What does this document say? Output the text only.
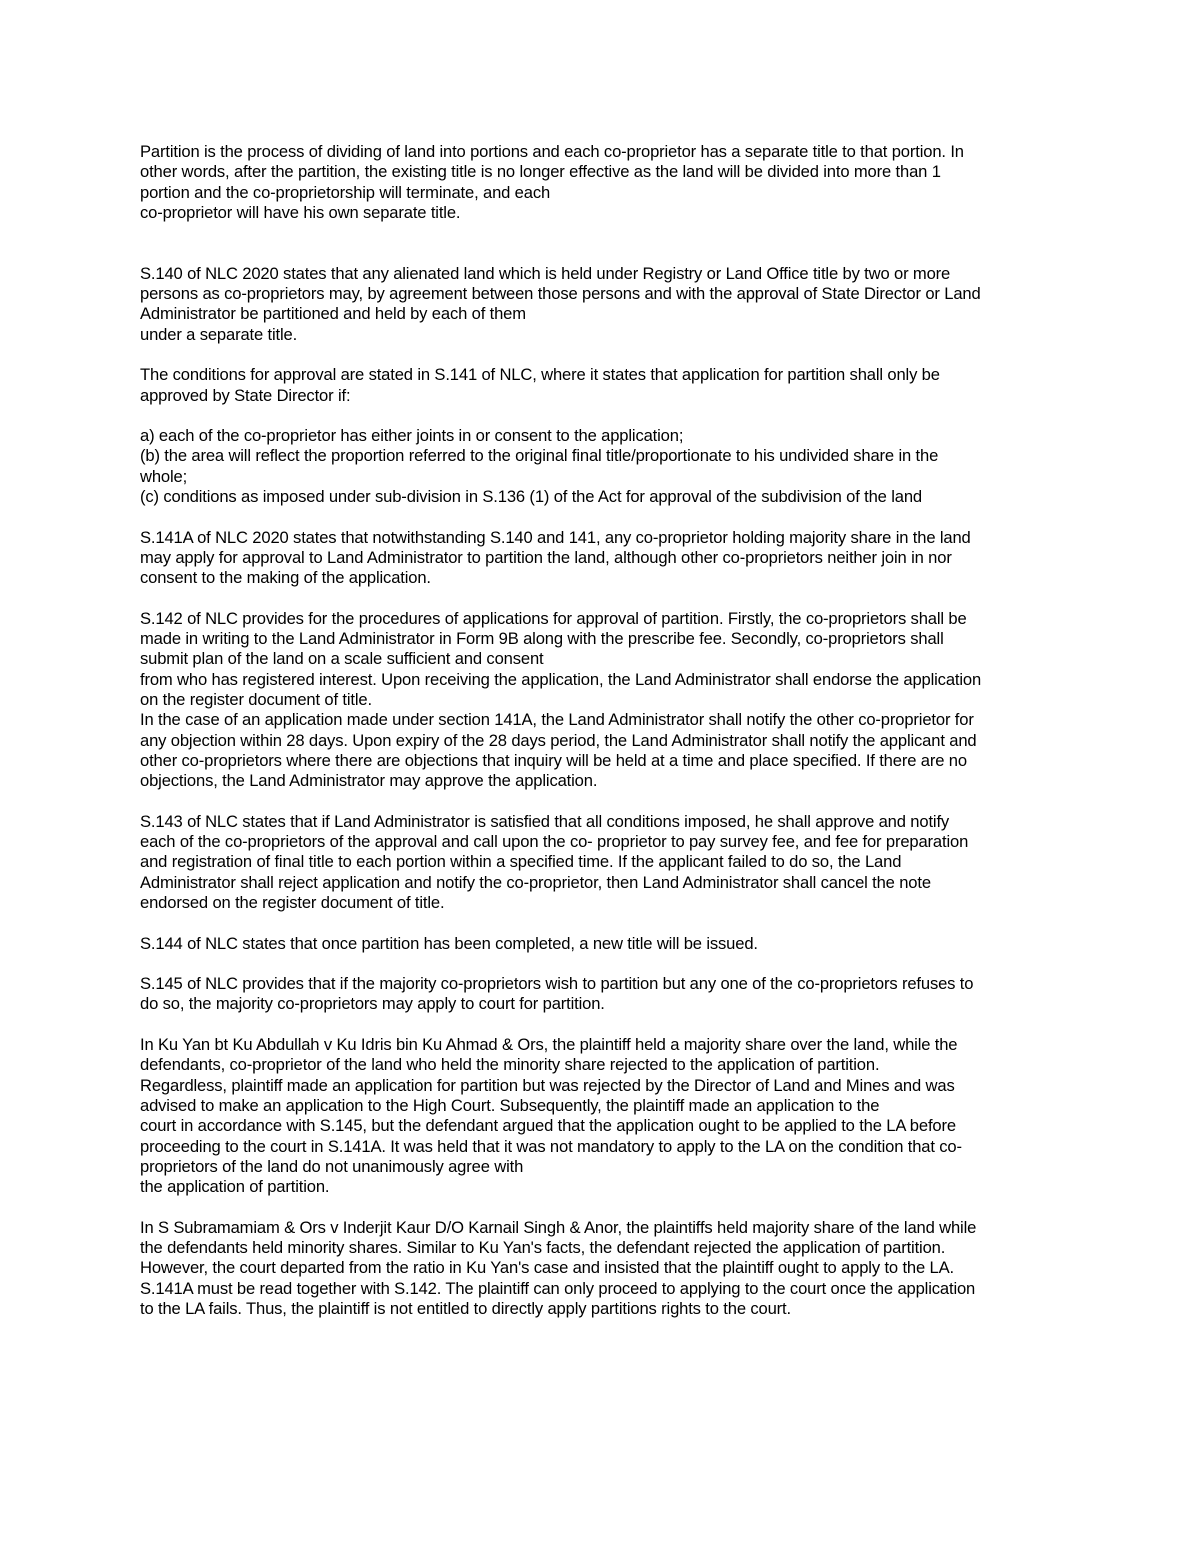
Partition is the process of dividing of land into portions and each co-proprietor has a separate title to that portion. In
other words, after the partition, the existing title is no longer effective as the land will be divided into more than 1
portion and the co-proprietorship will terminate, and each
co-proprietor will have his own separate title.
S.140 of NLC 2020 states that any alienated land which is held under Registry or Land Office title by two or more
persons as co-proprietors may, by agreement between those persons and with the approval of State Director or Land
Administrator be partitioned and held by each of them
under a separate title.
The conditions for approval are stated in S.141 of NLC, where it states that application for partition shall only be
approved by State Director if:
a) each of the co-proprietor has either joints in or consent to the application;
(b) the area will reflect the proportion referred to the original final title/proportionate to his undivided share in the
whole;
(c) conditions as imposed under sub-division in S.136 (1) of the Act for approval of the subdivision of the land
S.141A of NLC 2020 states that notwithstanding S.140 and 141, any co-proprietor holding majority share in the land
may apply for approval to Land Administrator to partition the land, although other co-proprietors neither join in nor
consent to the making of the application.
S.142 of NLC provides for the procedures of applications for approval of partition. Firstly, the co-proprietors shall be
made in writing to the Land Administrator in Form 9B along with the prescribe fee. Secondly, co-proprietors shall
submit plan of the land on a scale sufficient and consent
from who has registered interest. Upon receiving the application, the Land Administrator shall endorse the application
on the register document of title.
In the case of an application made under section 141A, the Land Administrator shall notify the other co-proprietor for
any objection within 28 days. Upon expiry of the 28 days period, the Land Administrator shall notify the applicant and
other co-proprietors where there are objections that inquiry will be held at a time and place specified. If there are no
objections, the Land Administrator may approve the application.
S.143 of NLC states that if Land Administrator is satisfied that all conditions imposed, he shall approve and notify
each of the co-proprietors of the approval and call upon the co- proprietor to pay survey fee, and fee for preparation
and registration of final title to each portion within a specified time. If the applicant failed to do so, the Land
Administrator shall reject application and notify the co-proprietor, then Land Administrator shall cancel the note
endorsed on the register document of title.
S.144 of NLC states that once partition has been completed, a new title will be issued.
S.145 of NLC provides that if the majority co-proprietors wish to partition but any one of the co-proprietors refuses to
do so, the majority co-proprietors may apply to court for partition.
In Ku Yan bt Ku Abdullah v Ku Idris bin Ku Ahmad & Ors, the plaintiff held a majority share over the land, while the
defendants, co-proprietor of the land who held the minority share rejected to the application of partition.
Regardless, plaintiff made an application for partition but was rejected by the Director of Land and Mines and was
advised to make an application to the High Court. Subsequently, the plaintiff made an application to the
court in accordance with S.145, but the defendant argued that the application ought to be applied to the LA before
proceeding to the court in S.141A. It was held that it was not mandatory to apply to the LA on the condition that co-
proprietors of the land do not unanimously agree with
the application of partition.
In S Subramamiam & Ors v Inderjit Kaur D/O Karnail Singh & Anor, the plaintiffs held majority share of the land while
the defendants held minority shares. Similar to Ku Yan's facts, the defendant rejected the application of partition.
However, the court departed from the ratio in Ku Yan's case and insisted that the plaintiff ought to apply to the LA.
S.141A must be read together with S.142. The plaintiff can only proceed to applying to the court once the application
to the LA fails. Thus, the plaintiff is not entitled to directly apply partitions rights to the court.
